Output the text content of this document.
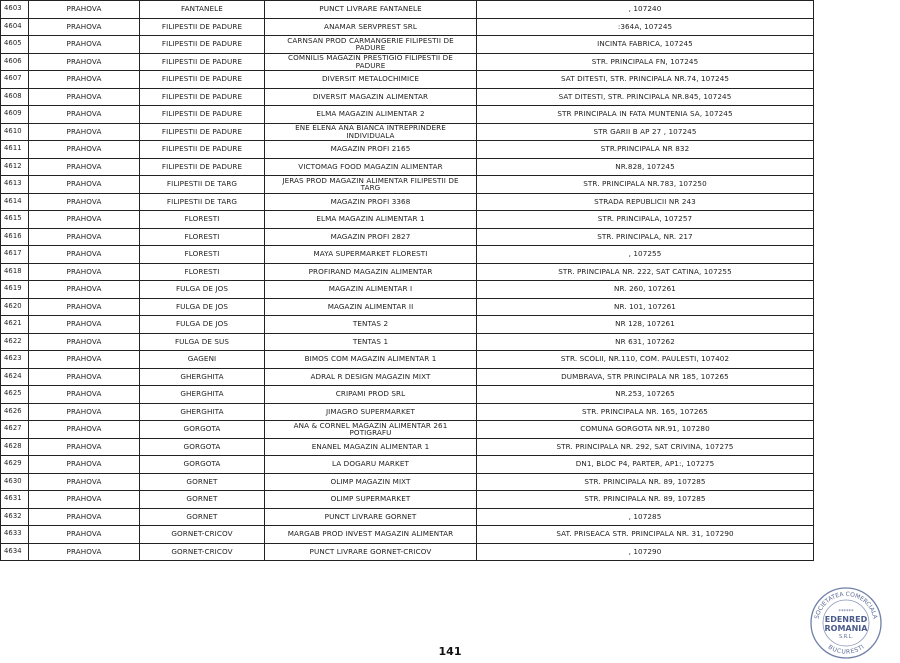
4603	PRAHOVA	FANTANELE	PUNCT LIVRARE FANTANELE	, 107240
4604	PRAHOVA	FILIPESTII DE PADURE	ANAMAR SERVPREST SRL	:364A, 107245
4605	PRAHOVA	FILIPESTII DE PADURE	CARNSAN PROD CARMANGERIE FILIPESTII DE PADURE	INCINTA FABRICA, 107245
4606	PRAHOVA	FILIPESTII DE PADURE	COMNILIS MAGAZIN PRESTIGIO FILIPESTII DE PADURE	STR. PRINCIPALA FN, 107245
4607	PRAHOVA	FILIPESTII DE PADURE	DIVERSIT METALOCHIMICE	SAT DITESTI, STR. PRINCIPALA NR.74, 107245
4608	PRAHOVA	FILIPESTII DE PADURE	DIVERSIT MAGAZIN ALIMENTAR	SAT DITESTI, STR. PRINCIPALA NR.845, 107245
4609	PRAHOVA	FILIPESTII DE PADURE	ELMA MAGAZIN ALIMENTAR 2	STR PRINCIPALA IN FATA MUNTENIA SA, 107245
4610	PRAHOVA	FILIPESTII DE PADURE	ENE ELENA ANA BIANCA INTREPRINDERE INDIVIDUALA	STR GARII B AP 27 , 107245
4611	PRAHOVA	FILIPESTII DE PADURE	MAGAZIN PROFI 2165	STR.PRINCIPALA NR 832
4612	PRAHOVA	FILIPESTII DE PADURE	VICTOMAG FOOD MAGAZIN ALIMENTAR	NR.828, 107245
4613	PRAHOVA	FILIPESTII DE TARG	JERAS PROD MAGAZIN ALIMENTAR FILIPESTII DE TARG	STR. PRINCIPALA NR.783, 107250
4614	PRAHOVA	FILIPESTII DE TARG	MAGAZIN PROFI 3368	STRADA REPUBLICII NR 243
4615	PRAHOVA	FLORESTI	ELMA MAGAZIN ALIMENTAR 1	STR. PRINCIPALA, 107257
4616	PRAHOVA	FLORESTI	MAGAZIN PROFI 2827	STR. PRINCIPALA, NR. 217
4617	PRAHOVA	FLORESTI	MAYA SUPERMARKET FLORESTI	, 107255
4618	PRAHOVA	FLORESTI	PROFIRAND MAGAZIN ALIMENTAR	STR. PRINCIPALA NR. 222, SAT CATINA, 107255
4619	PRAHOVA	FULGA DE JOS	MAGAZIN ALIMENTAR I	NR. 260, 107261
4620	PRAHOVA	FULGA DE JOS	MAGAZIN ALIMENTAR II	NR. 101, 107261
4621	PRAHOVA	FULGA DE JOS	TENTAS 2	NR 128, 107261
4622	PRAHOVA	FULGA DE SUS	TENTAS 1	NR 631, 107262
4623	PRAHOVA	GAGENI	BIMOS COM MAGAZIN ALIMENTAR 1	STR. SCOLII, NR.110, COM. PAULESTI, 107402
4624	PRAHOVA	GHERGHITA	ADRAL R DESIGN MAGAZIN MIXT	DUMBRAVA, STR PRINCIPALA NR 185, 107265
4625	PRAHOVA	GHERGHITA	CRIPAMI PROD SRL	NR.253, 107265
4626	PRAHOVA	GHERGHITA	JIMAGRO SUPERMARKET	STR. PRINCIPALA NR. 165, 107265
4627	PRAHOVA	GORGOTA	ANA & CORNEL MAGAZIN ALIMENTAR 261 POTIGRAFU	COMUNA GORGOTA NR.91, 107280
4628	PRAHOVA	GORGOTA	ENANEL MAGAZIN ALIMENTAR 1	STR. PRINCIPALA NR. 292, SAT CRIVINA, 107275
4629	PRAHOVA	GORGOTA	LA DOGARU MARKET	DN1, BLOC P4, PARTER, AP1:, 107275
4630	PRAHOVA	GORNET	OLIMP MAGAZIN MIXT	STR. PRINCIPALA NR. 89, 107285
4631	PRAHOVA	GORNET	OLIMP SUPERMARKET	STR. PRINCIPALA NR. 89, 107285
4632	PRAHOVA	GORNET	PUNCT LIVRARE GORNET	, 107285
4633	PRAHOVA	GORNET-CRICOV	MARGAB PROD INVEST MAGAZIN ALIMENTAR	SAT. PRISEACA STR. PRINCIPALA NR. 31, 107290
4634	PRAHOVA	GORNET-CRICOV	PUNCT LIVRARE GORNET-CRICOV	, 107290
141
SOCIETATEA COMERCIALA
BUCURESTI
******
EDENRED
ROMANIA
S.R.L.
